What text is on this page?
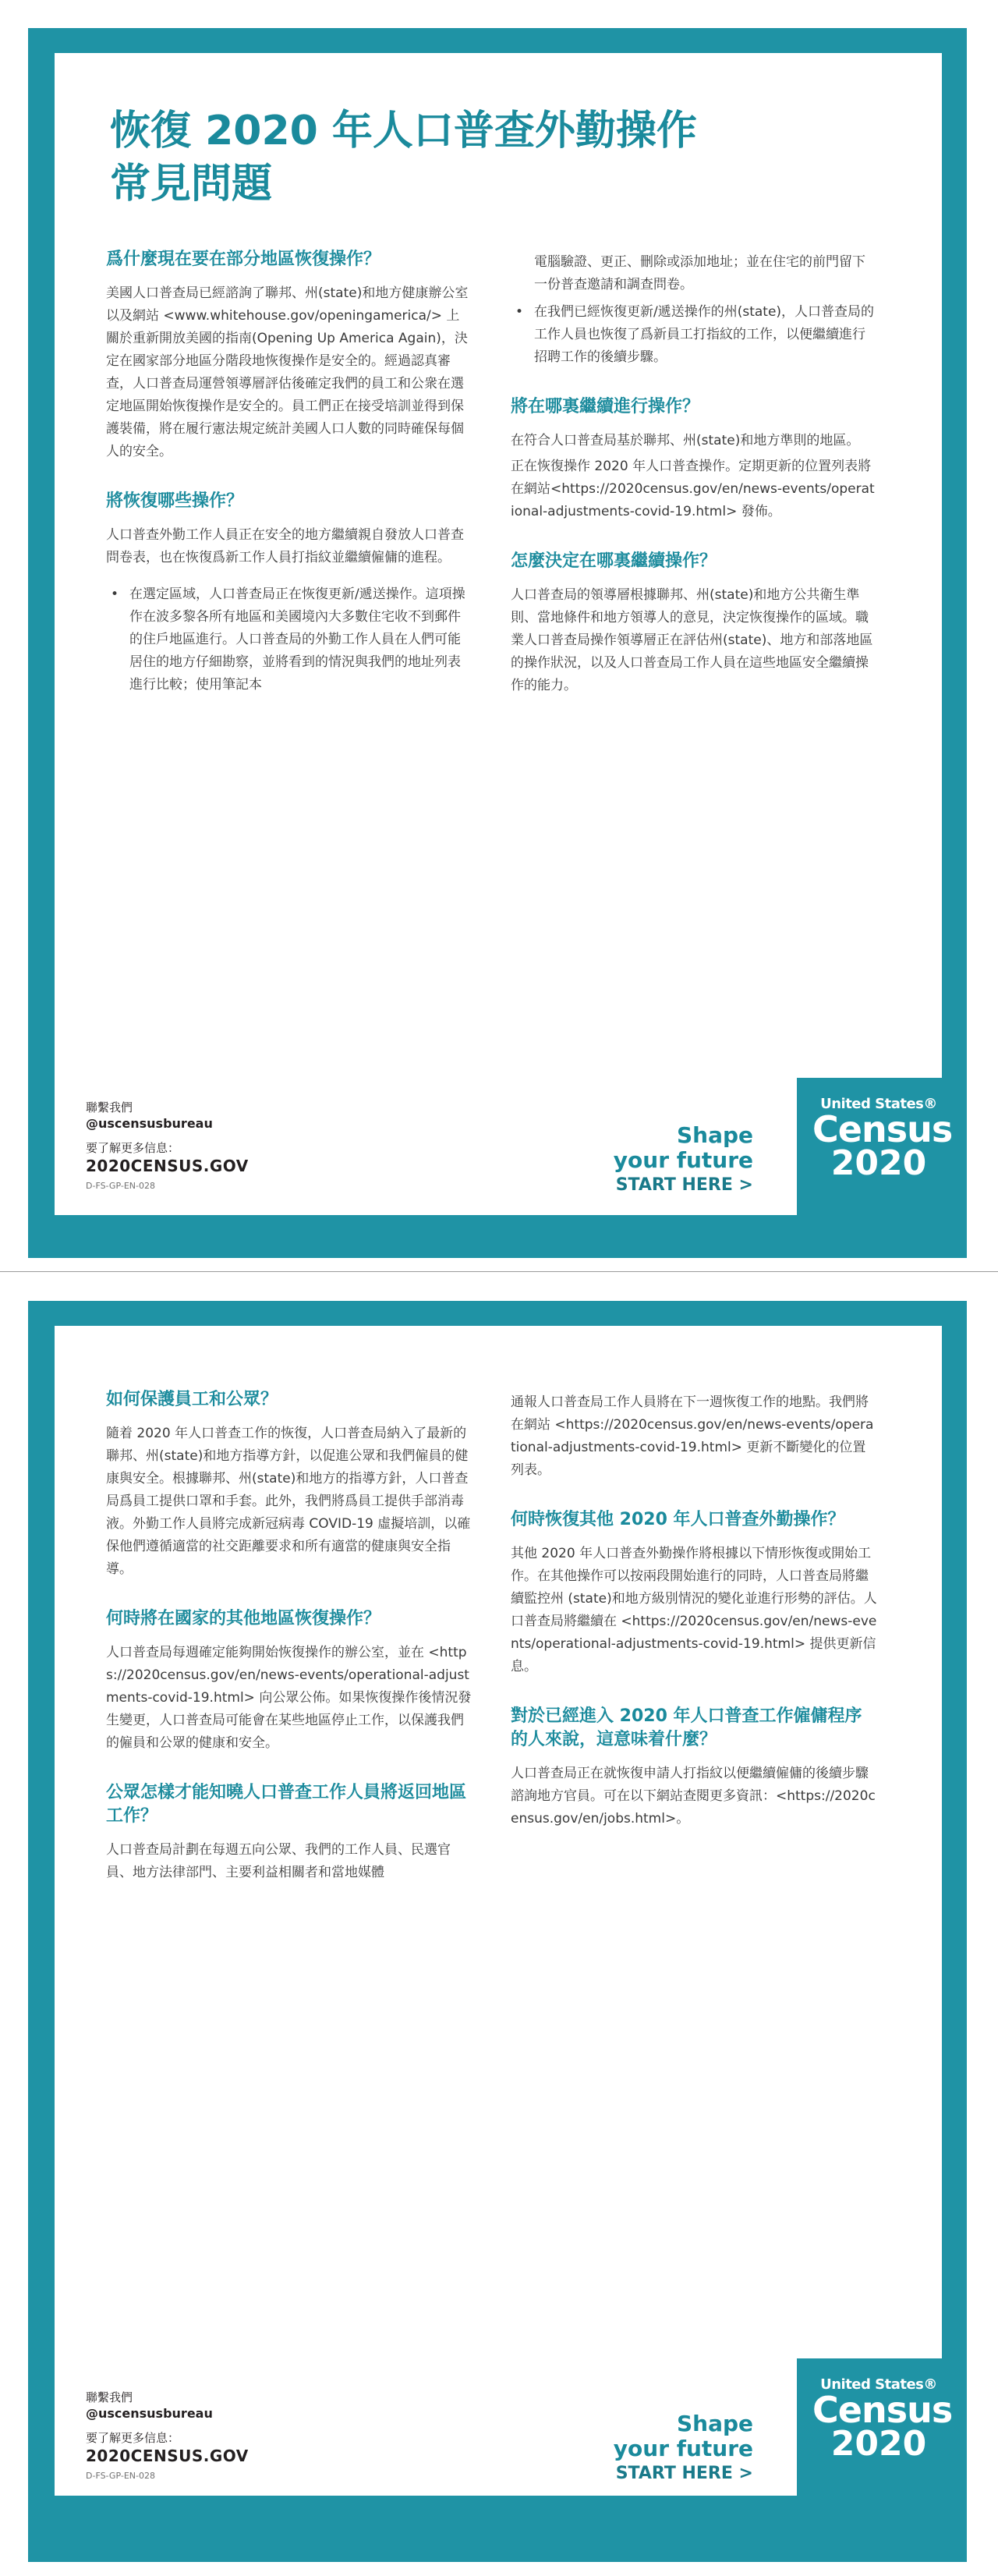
United States®
Census
2020
恢復 2020 年人口普查外勤操作
常見問題
爲什麼現在要在部分地區恢復操作？

美國人口普查局已經諮詢了聯邦、州(state)和地方健康辦公室以及網站 <www.whitehouse.gov/openingamerica/> 上關於重新開放美國的指南(Opening Up America Again)，決定在國家部分地區分階段地恢復操作是安全的。經過認真審查，人口普查局運營領導層評估後確定我們的員工和公衆在選定地區開始恢復操作是安全的。員工們正在接受培訓並得到保護裝備，將在履行憲法規定統計美國人口人數的同時確保每個人的安全。

將恢復哪些操作？

人口普查外勤工作人員正在安全的地方繼續親自發放人口普查問卷表，也在恢復爲新工作人員打指紋並繼續僱傭的進程。

• 在選定區域，人口普查局正在恢復更新/遞送操作。這項操作在波多黎各所有地區和美國境內大多數住宅收不到郵件的住戶地區進行。人口普查局的外勤工作人員在人們可能居住的地方仔細勘察，並將看到的情況與我們的地址列表進行比較；使用筆記本

電腦驗證、更正、刪除或添加地址；並在住宅的前門留下一份普查邀請和調查問卷。

• 在我們已經恢復更新/遞送操作的州(state)，人口普查局的工作人員也恢復了爲新員工打指紋的工作，以便繼續進行招聘工作的後續步驟。
將在哪裏繼續進行操作？

在符合人口普查局基於聯邦、州(state)和地方準則的地區。

正在恢復操作 2020 年人口普查操作。定期更新的位置列表將在網站<https://2020census.gov/en/news-events/operational-adjustments-covid-19.html> 發佈。

怎麼決定在哪裏繼續操作？

人口普查局的領導層根據聯邦、州(state)和地方公共衛生準則、當地條件和地方領導人的意見，決定恢復操作的區域。職業人口普查局操作領導層正在評估州(state)、地方和部落地區的操作狀況，以及人口普查局工作人員在這些地區安全繼續操作的能力。

聯繫我們
@uscensusbureau
要了解更多信息：
2020CENSUS.GOV
D-FS-GP-EN-028
Shape
your future
START HERE >
United States®
Census
2020
如何保護員工和公眾？

隨着 2020 年人口普查工作的恢復，人口普查局納入了最新的聯邦、州(state)和地方指導方針，以促進公眾和我們僱員的健康與安全。根據聯邦、州(state)和地方的指導方針，人口普查局爲員工提供口罩和手套。此外，我們將爲員工提供手部消毒液。外勤工作人員將完成新冠病毒 COVID-19 虛擬培訓，以確保他們遵循適當的社交距離要求和所有適當的健康與安全指導。

何時將在國家的其他地區恢復操作？

人口普查局每週確定能夠開始恢復操作的辦公室，並在 <https://2020census.gov/en/news-events/operational-adjustments-covid-19.html> 向公眾公佈。如果恢復操作後情況發生變更，人口普查局可能會在某些地區停止工作，以保護我們的僱員和公眾的健康和安全。

公眾怎樣才能知曉人口普查工作人員將返回地區工作？

人口普查局計劃在每週五向公眾、我們的工作人員、民選官員、地方法律部門、主要利益相關者和當地媒體

通報人口普查局工作人員將在下一週恢復工作的地點。我們將在網站 <https://2020census.gov/en/news-events/operational-adjustments-covid-19.html> 更新不斷變化的位置列表。

何時恢復其他 2020 年人口普查外勤操作？

其他 2020 年人口普查外勤操作將根據以下情形恢復或開始工作。在其他操作可以按兩段開始進行的同時，人口普查局將繼續監控州 (state)和地方級別情況的變化並進行形勢的評估。人口普查局將繼續在 <https://2020census.gov/en/news-events/operational-adjustments-covid-19.html> 提供更新信息。

對於已經進入 2020 年人口普查工作僱傭程序的人來說，這意味着什麼？

人口普查局正在就恢復申請人打指紋以便繼續僱傭的後續步驟諮詢地方官員。可在以下網站查閱更多資訊：<https://2020census.gov/en/jobs.html>。

聯繫我們
@uscensusbureau
要了解更多信息：
2020CENSUS.GOV
D-FS-GP-EN-028
Shape
your future
START HERE >
